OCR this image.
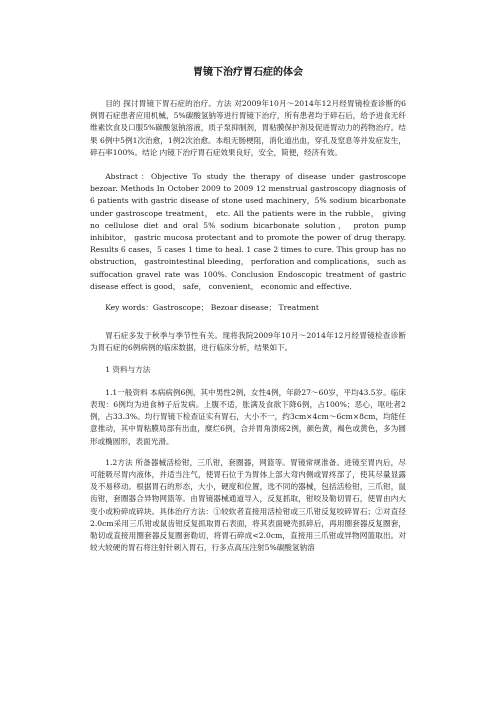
胃镜下治疗胃石症的体会

目的 探讨胃镜下胃石症的治疗。方法 对2009年10月～2014年12月经胃镜检查诊断的6例胃石症患者应用机械，5%碳酸氢钠等进行胃镜下治疗，所有患者均于碎石后，给予进食无纤维素饮食及口服5%碳酸氢钠溶液，质子泵抑制剂，胃粘膜保护剂及促进胃动力的药物治疗。结果 6例中5例1次治愈，1例2次治愈。本组无肠梗阻，消化道出血，穿孔及窒息等并发症发生，碎石率100%。结论 内镜下治疗胃石症效果良好，安全，简便，经济有效。

Abstract：Objective To study the therapy of disease under gastroscope bezoar. Methods In October 2009 to 2009 12 menstrual gastroscopy diagnosis of 6 patients with gastric disease of stone used machinery，5% sodium bicarbonate under gastroscope treatment， etc. All the patients were in the rubble， giving no cellulose diet and oral 5% sodium bicarbonate solution， proton pump inhibitor， gastric mucosa protectant and to promote the power of drug therapy. Results 6 cases，5 cases 1 time to heal. 1 case 2 times to cure. This group has no obstruction， gastrointestinal bleeding， perforation and complications， such as suffocation gravel rate was 100%. Conclusion Endoscopic treatment of gastric disease effect is good， safe， convenient， economic and effective.

Key words：Gastroscope； Bezoar disease； Treatment

胃石症多发于秋季与季节性有关。现将我院2009年10月～2014年12月经胃镜检查诊断为胃石症的6例病例的临床数据，进行临床分析，结果如下。

1 资料与方法

1.1一般资料 本病病例6例，其中男性2例，女性4例，年龄27～60岁，平均43.5岁。临床表现：6例均为进食柿子后发病。上腹不适，胀满及食欲下降6例，占100%；恶心，呕吐者2例，占33.3%。均行胃镜下检查证实有胃石，大小不一，约3cm×4cm～6cm×8cm，均能任意推动，其中胃粘膜局部有出血，糜烂6例，合并胃角溃疡2例，颜色黄，褐色或黄色，多为圆形或椭圆形，表面光滑。

1.2方法 所备器械活检钳，三爪钳，套圈器，网篮等。胃镜常规准备。进镜至胃内后，尽可能吸尽胃内液体，并适当注气，使胃石位于为胃体上部大弯内侧或胃疼部了，使其尽量显露及不易移动。根据胃石的形态，大小，硬度和位置，选不同的器械，包括活检钳，三爪钳，鼠齿钳，套圈器合异物网篮等。由胃镜器械通道导入，反复抓取，钳咬及勒切胃石，使胃由内大变小或粉碎成碎块。具体治疗方法：①较软者直接用活检钳或三爪钳反复咬碎胃石；②对直径2.0cm采用三爪钳或鼠齿钳反复抓取胃石表面，将其表面硬壳抓碎后，再用圈套器反复圈套，勒切或直接用圈套器反复圈套勒切，将胃石碎成<2.0cm，直接用三爪钳或异物网篮取出。对较大较硬的胃石将注射针刺入胃石，行多点高压注射5%碳酸氢钠溶
